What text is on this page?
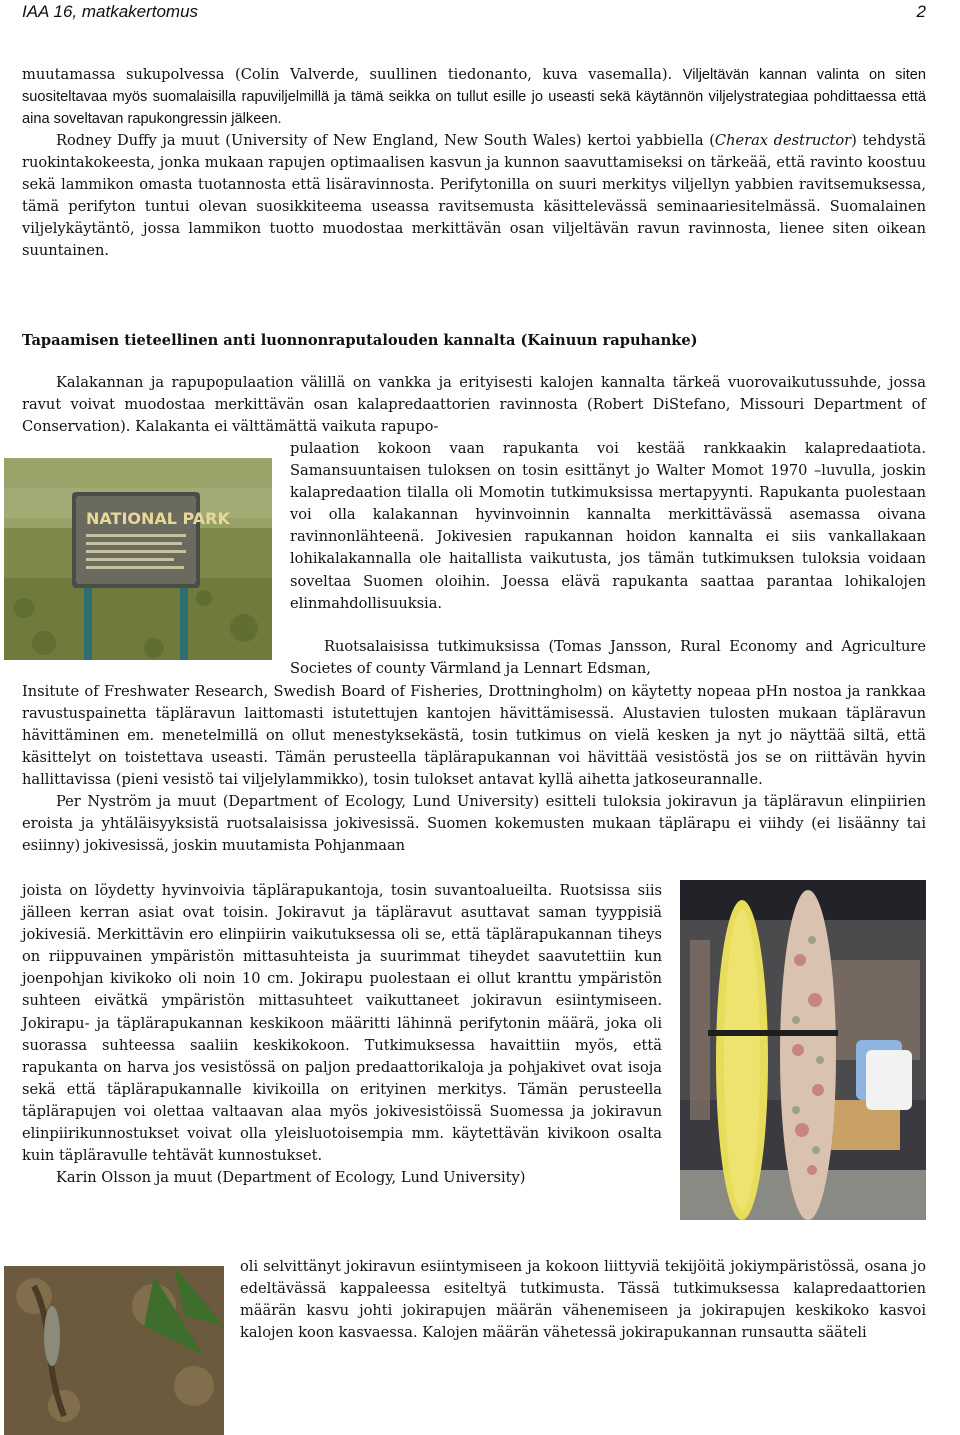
IAA 16, matkakertomus	2

muutamassa sukupolvessa (Colin Valverde, suullinen tiedonanto, kuva vasemalla). Viljeltävän kannan valinta on siten suositeltavaa myös suomalaisilla rapuviljelmillä ja tämä seikka on tullut esille jo useasti sekä käytännön viljelystrategiaa pohdittaessa että aina soveltavan rapukongressin jälkeen.

Rodney Duffy ja muut (University of New England, New South Wales) kertoi yabbiella (Cherax destructor) tehdystä ruokintakokeesta, jonka mukaan rapujen optimaalisen kasvun ja kunnon saavuttamiseksi on tärkeää, että ravinto koostuu sekä lammikon omasta tuotannosta että lisäravinnosta. Perifytonilla on suuri merkitys viljellyn yabbien ravitsemuksessa, tämä perifyton tuntui olevan suosikkiteema useassa ravitsemusta käsittelevässä seminaariesitelmässä. Suomalainen viljelykäytäntö, jossa lammikon tuotto muodostaa merkittävän osan viljeltävän ravun ravinnosta, lienee siten oikean suuntainen.

Tapaamisen tieteellinen anti luonnonraputalouden kannalta (Kainuun rapuhanke)

Kalakannan ja rapupopulaation välillä on vankka ja erityisesti kalojen kannalta tärkeä vuorovaikutussuhde, jossa ravut voivat muodostaa merkittävän osan kalapredaattorien ravinnosta (Robert DiStefano, Missouri Department of Conservation). Kalakanta ei välttämättä vaikuta rapupo-

NATIONAL PARK

pulaation kokoon vaan rapukanta voi kestää rankkaakin kalapredaatiota. Samansuuntaisen tuloksen on tosin esittänyt jo Walter Momot 1970 –luvulla, joskin kalapredaation tilalla oli Momotin tutkimuksissa mertapyynti. Rapukanta puolestaan voi olla kalakannan hyvinvoinnin kannalta merkittävässä asemassa oivana ravinnonlähteenä. Jokivesien rapukannan hoidon kannalta ei siis vankallakaan lohikalakannalla ole haitallista vaikutusta, jos tämän tutkimuksen tuloksia voidaan soveltaa Suomen oloihin. Joessa elävä rapukanta saattaa parantaa lohikalojen elinmahdollisuuksia.

Ruotsalaisissa tutkimuksissa (Tomas Jansson, Rural Economy and Agriculture Societes of county Värmland ja Lennart Edsman,

Insitute of Freshwater Research, Swedish Board of Fisheries, Drottningholm) on käytetty nopeaa pHn nostoa ja rankkaa ravustuspainetta täpläravun laittomasti istutettujen kantojen hävittämisessä. Alustavien tulosten mukaan täpläravun hävittäminen em. menetelmillä on ollut menestyksekästä, tosin tutkimus on vielä kesken ja nyt jo näyttää siltä, että käsittelyt on toistettava useasti. Tämän perusteella täplärapukannan voi hävittää vesistöstä jos se on riittävän hyvin hallittavissa (pieni vesistö tai viljelylammikko), tosin tulokset antavat kyllä aihetta jatkoseurannalle.

Per Nyström ja muut (Department of Ecology, Lund University) esitteli tuloksia jokiravun ja täpläravun elinpiirien eroista ja yhtäläisyyksistä ruotsalaisissa jokivesissä. Suomen kokemusten mukaan täplärapu ei viihdy (ei lisäänny tai esiinny) jokivesissä, joskin muutamista Pohjanmaan

joista on löydetty hyvinvoivia täplärapukantoja, tosin suvantoalueilta. Ruotsissa siis jälleen kerran asiat ovat toisin. Jokiravut ja täpläravut asuttavat saman tyyppisiä jokivesiä. Merkittävin ero elinpiirin vaikutuksessa oli se, että täplärapukannan tiheys on riippuvainen ympäristön mittasuhteista ja suurimmat tiheydet saavutettiin kun joenpohjan kivikoko oli noin 10 cm. Jokirapu puolestaan ei ollut kranttu ympäristön suhteen eivätkä ympäristön mittasuhteet vaikuttaneet jokiravun esiintymiseen. Jokirapu- ja täplärapukannan keskikoon määritti lähinnä perifytonin määrä, joka oli suorassa suhteessa saaliin keskikokoon. Tutkimuksessa havaittiin myös, että rapukanta on harva jos vesistössä on paljon predaattorikaloja ja pohjakivet ovat isoja sekä että täplärapukannalle kivikoilla on erityinen merkitys. Tämän perusteella täplärapujen voi olettaa valtaavan alaa myös jokivesistöissä Suomessa ja jokiravun elinpiirikunnostukset voivat olla yleisluotoisempia mm. käytettävän kivikoon osalta kuin täpläravulle tehtävät kunnostukset.

Karin Olsson ja muut (Department of Ecology, Lund University)

oli selvittänyt jokiravun esiintymiseen ja kokoon liittyviä tekijöitä jokiympäristössä, osana jo edeltävässä kappaleessa esiteltyä tutkimusta. Tässä tutkimuksessa kalapredaattorien määrän kasvu johti jokirapujen määrän vähenemiseen ja jokirapujen keskikoko kasvoi kalojen koon kasvaessa. Kalojen määrän vähetessä jokirapukannan runsautta sääteli
